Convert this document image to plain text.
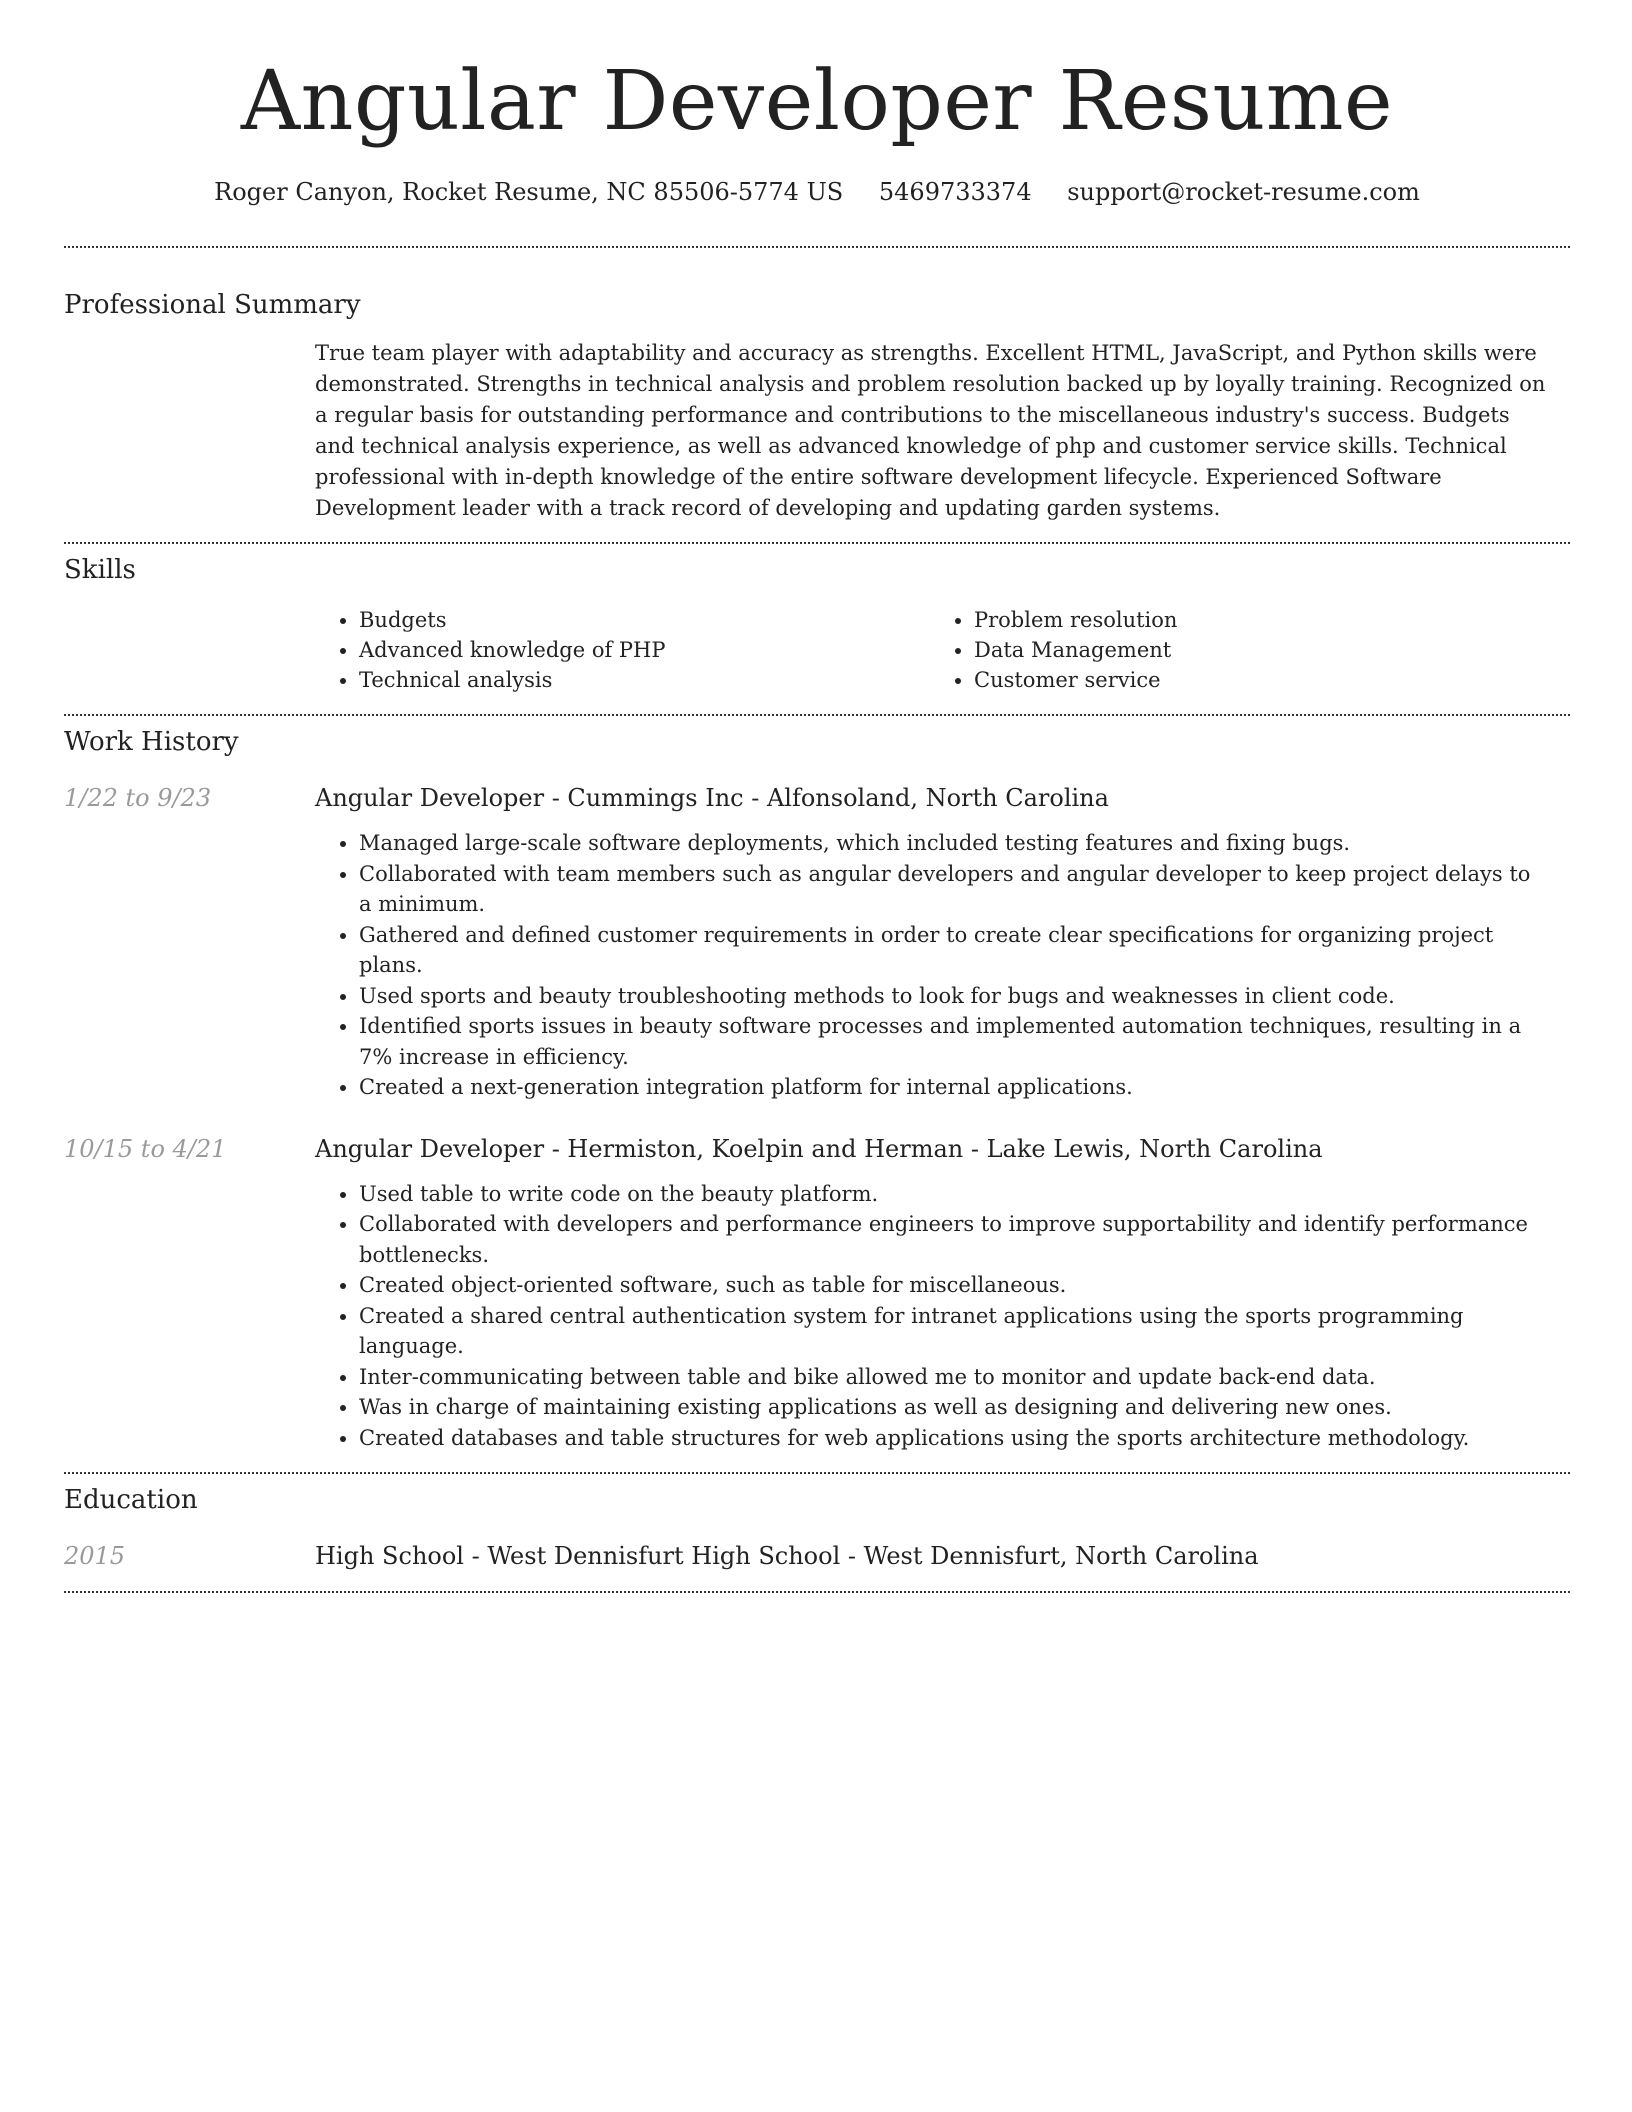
Angular Developer Resume
Roger Canyon, Rocket Resume, NC 85506-5774 US 5469733374 support@rocket-resume.com
Professional Summary
True team player with adaptability and accuracy as strengths. Excellent HTML, JavaScript, and Python skills were demonstrated. Strengths in technical analysis and problem resolution backed up by loyally training. Recognized on a regular basis for outstanding performance and contributions to the miscellaneous industry's success. Budgets and technical analysis experience, as well as advanced knowledge of php and customer service skills. Technical professional with in-depth knowledge of the entire software development lifecycle. Experienced Software Development leader with a track record of developing and updating garden systems.
Skills
• Budgets
• Advanced knowledge of PHP
• Technical analysis
• Problem resolution
• Data Management
• Customer service
Work History
1/22 to 9/23	Angular Developer - Cummings Inc - Alfonsoland, North Carolina
• Managed large-scale software deployments, which included testing features and fixing bugs.
• Collaborated with team members such as angular developers and angular developer to keep project delays to a minimum.
• Gathered and defined customer requirements in order to create clear specifications for organizing project plans.
• Used sports and beauty troubleshooting methods to look for bugs and weaknesses in client code.
• Identified sports issues in beauty software processes and implemented automation techniques, resulting in a 7% increase in efficiency.
• Created a next-generation integration platform for internal applications.
10/15 to 4/21	Angular Developer - Hermiston, Koelpin and Herman - Lake Lewis, North Carolina
• Used table to write code on the beauty platform.
• Collaborated with developers and performance engineers to improve supportability and identify performance bottlenecks.
• Created object-oriented software, such as table for miscellaneous.
• Created a shared central authentication system for intranet applications using the sports programming language.
• Inter-communicating between table and bike allowed me to monitor and update back-end data.
• Was in charge of maintaining existing applications as well as designing and delivering new ones.
• Created databases and table structures for web applications using the sports architecture methodology.
Education
2015	High School - West Dennisfurt High School - West Dennisfurt, North Carolina
